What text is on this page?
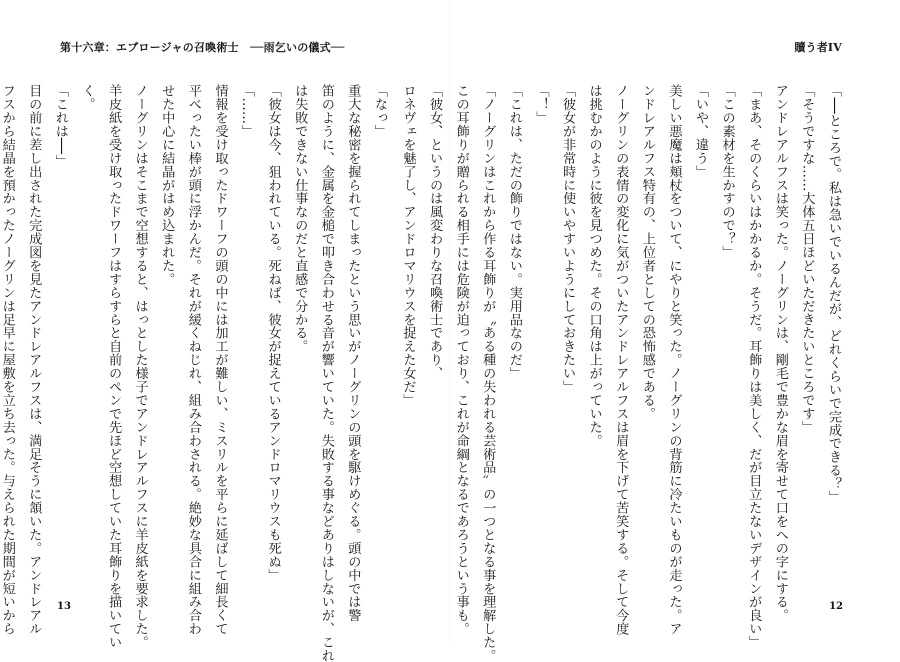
第十六章：エブロージャの召喚術士　──雨乞いの儀式──
「なっ」
重大な秘密を握られてしまったという思いがノーグリンの頭を駆けめぐる。頭の中では警
笛のように、金属を金槌で叩き合わせる音が響いていた。失敗する事などありはしないが、これ
は失敗できない仕事なのだと直感で分かる。
「彼女は今、狙われている。死ねば、彼女が捉えているアンドロマリウスも死ぬ」
「……」
情報を受け取ったドワーフの頭の中には加工が難しい、ミスリルを平らに延ばして細長くて
平べったい棒が頭に浮かんだ。それが緩くねじれ、組み合わされる。絶妙な具合に組み合わ
せた中心に結晶がはめ込まれた。
ノーグリンはそこまで空想すると、はっとした様子でアンドレアルフスに羊皮紙を要求した。
羊皮紙を受け取ったドワーフはすらすらと自前のペンで先ほど空想していた耳飾りを描いてい
く。
「これは──」
目の前に差し出された完成図を見たアンドレアルフスは、満足そうに頷いた。アンドレアル
フスから結晶を預かったノーグリンは足早に屋敷を立ち去った。与えられた期間が短いから	13
贖う者IV
「──ところで。私は急いでいるんだが、どれくらいで完成できる？」
「そうですな……大体五日ほどいただきたいところです」
アンドレアルフスは笑った。ノーグリンは、剛毛で豊かな眉を寄せて口をへの字にする。
「まあ、そのくらいはかかるか。そうだ。耳飾りは美しく、だが目立たないデザインが良い」
「この素材を生かすので？」
「いや、違う」
美しい悪魔は頬杖をついて、にやりと笑った。ノーグリンの背筋に冷たいものが走った。ア
ンドレアルフス特有の、上位者としての恐怖感である。
ノーグリンの表情の変化に気がついたアンドレアルフスは眉を下げて苦笑する。そして今度
は挑むかのように彼を見つめた。その口角は上がっていた。
「彼女が非常時に使いやすいようにしておきたい」
「！」
「これは、ただの飾りではない。実用品なのだ」
「ノーグリンはこれから作る耳飾りが〝ある種の失われる芸術品〟の一つとなる事を理解した。
この耳飾りが贈られる相手には危険が迫っており、これが命綱となるであろうという事も。
「彼女、というのは風変わりな召喚術士であり、
ロネヴェを魅了し、アンドロマリウスを捉えた女だ」
12
